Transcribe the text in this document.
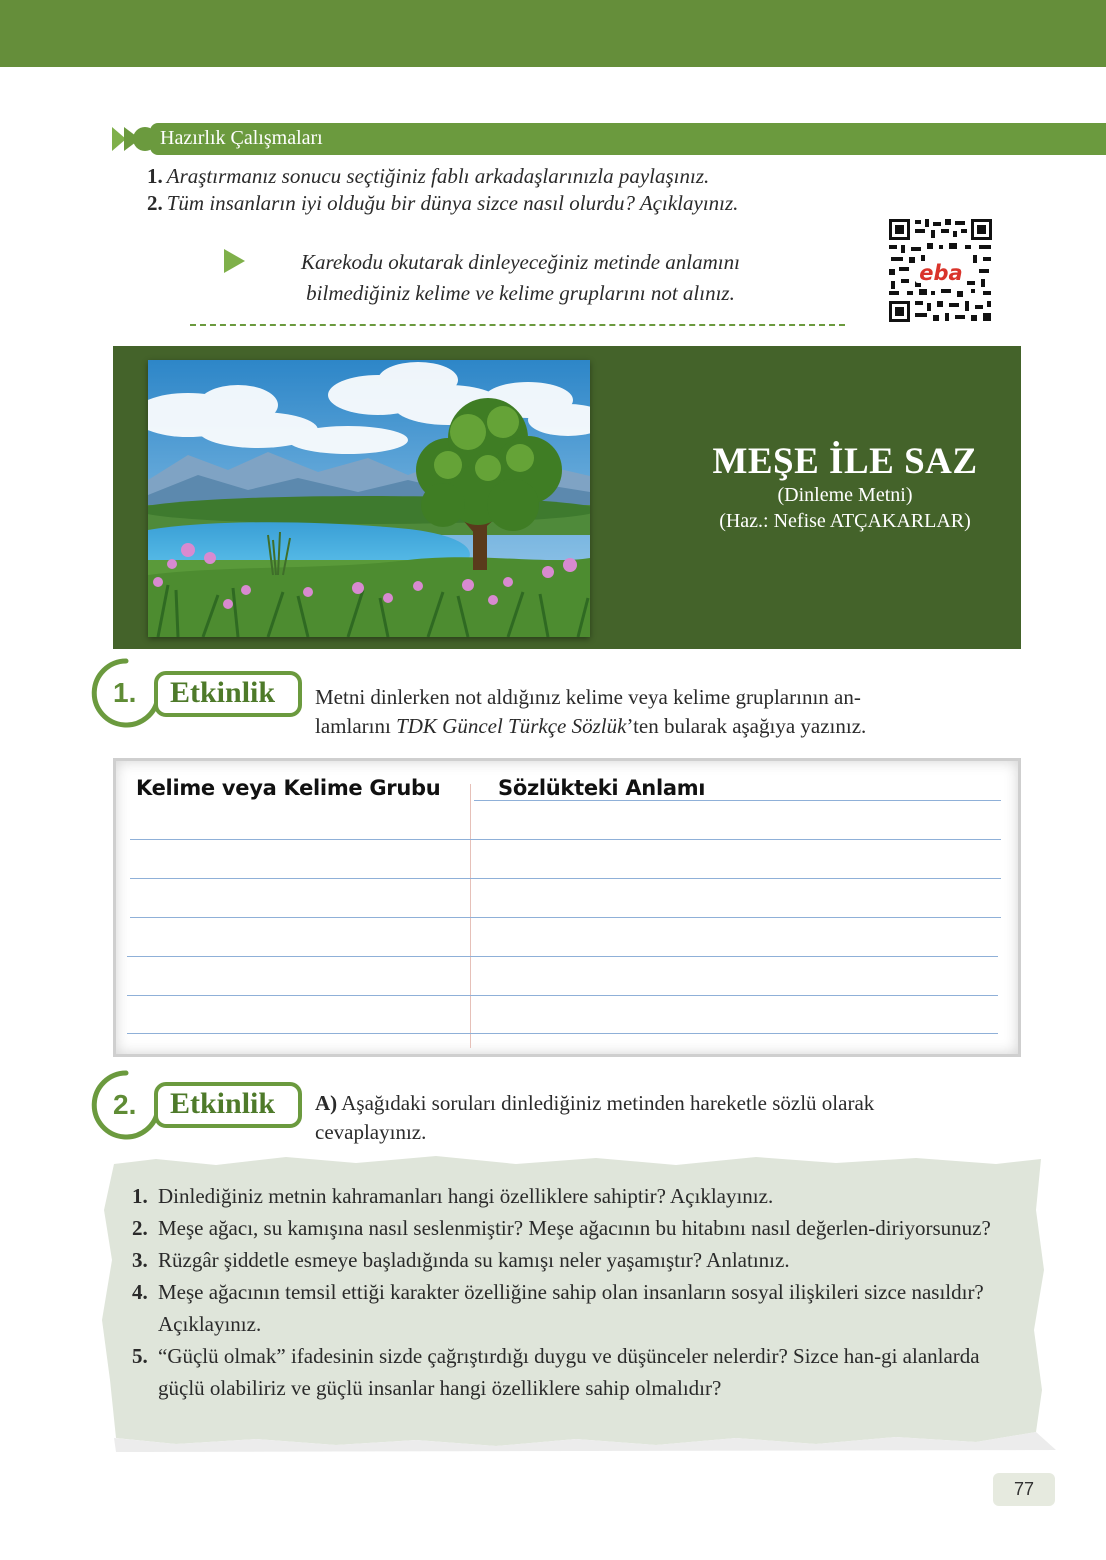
Hazırlık Çalışmaları
1. Araştırmanız sonucu seçtiğiniz fablı arkadaşlarınızla paylaşınız.
2. Tüm insanların iyi olduğu bir dünya sizce nasıl olurdu? Açıklayınız.
Karekodu okutarak dinleyeceğiniz metinde anlamını
bilmediğiniz kelime ve kelime gruplarını not alınız.
eba
MEŞE İLE SAZ
(Dinleme Metni)
(Haz.: Nefise ATÇAKARLAR)
1. Etkinlik Metni dinlerken not aldığınız kelime veya kelime gruplarının an-
lamlarını TDK Güncel Türkçe Sözlük’ten bularak aşağıya yazınız.
Kelime veya Kelime Grubu	Sözlükteki Anlamı
2. Etkinlik A) Aşağıdaki soruları dinlediğiniz metinden hareketle sözlü olarak
cevaplayınız.
1. Dinlediğiniz metnin kahramanları hangi özelliklere sahiptir? Açıklayınız.
2. Meşe ağacı, su kamışına nasıl seslenmiştir? Meşe ağacının bu hitabını nasıl değerlen-diriyorsunuz?
3. Rüzgâr şiddetle esmeye başladığında su kamışı neler yaşamıştır? Anlatınız.
4. Meşe ağacının temsil ettiği karakter özelliğine sahip olan insanların sosyal ilişkileri sizce nasıldır? Açıklayınız.
5. “Güçlü olmak” ifadesinin sizde çağrıştırdığı duygu ve düşünceler nelerdir? Sizce han-gi alanlarda güçlü olabiliriz ve güçlü insanlar hangi özelliklere sahip olmalıdır?
77
